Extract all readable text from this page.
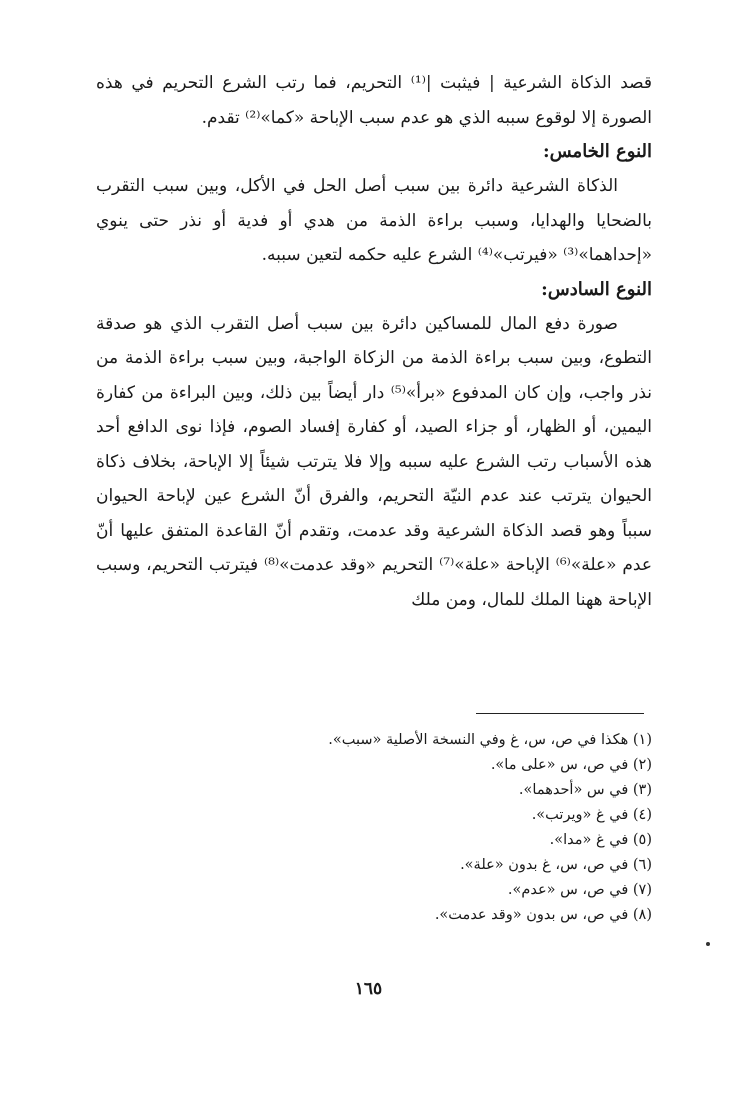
قصد الذكاة الشرعية | فيثبت |⁽¹⁾ التحريم، فما رتب الشرع التحريم في هذه الصورة إلا لوقوع سببه الذي هو عدم سبب الإباحة «كما»⁽²⁾ تقدم.

النوع الخامس:

الذكاة الشرعية دائرة بين سبب أصل الحل في الأكل، وبين سبب التقرب بالضحايا والهدايا، وسبب براءة الذمة من هدي أو فدية أو نذر حتى ينوي «إحداهما»⁽³⁾ «فيرتب»⁽⁴⁾ الشرع عليه حكمه لتعين سببه.

النوع السادس:

صورة دفع المال للمساكين دائرة بين سبب أصل التقرب الذي هو صدقة التطوع، وبين سبب براءة الذمة من الزكاة الواجبة، وبين سبب براءة الذمة من نذر واجب، وإن كان المدفوع «برأ»⁽⁵⁾ دار أيضاً بين ذلك، وبين البراءة من كفارة اليمين، أو الظهار، أو جزاء الصيد، أو كفارة إفساد الصوم، فإذا نوى الدافع أحد هذه الأسباب رتب الشرع عليه سببه وإلا فلا يترتب شيئاً إلا الإباحة، بخلاف ذكاة الحيوان يترتب عند عدم النيّة التحريم، والفرق أنّ الشرع عين لإباحة الحيوان سبباً وهو قصد الذكاة الشرعية وقد عدمت، وتقدم أنّ القاعدة المتفق عليها أنّ عدم «علة»⁽⁶⁾ الإباحة «علة»⁽⁷⁾ التحريم «وقد عدمت»⁽⁸⁾ فيترتب التحريم، وسبب الإباحة ههنا الملك للمال، ومن ملك

(١) هكذا في ص، س، غ وفي النسخة الأصلية «سبب».

(٢) في ص، س «على ما».

(٣) في س «أحدهما».

(٤) في غ «ويرتب».

(٥) في غ «مدا».

(٦) في ص، س، غ بدون «علة».

(٧) في ص، س «عدم».

(٨) في ص، س بدون «وقد عدمت».

١٦٥
